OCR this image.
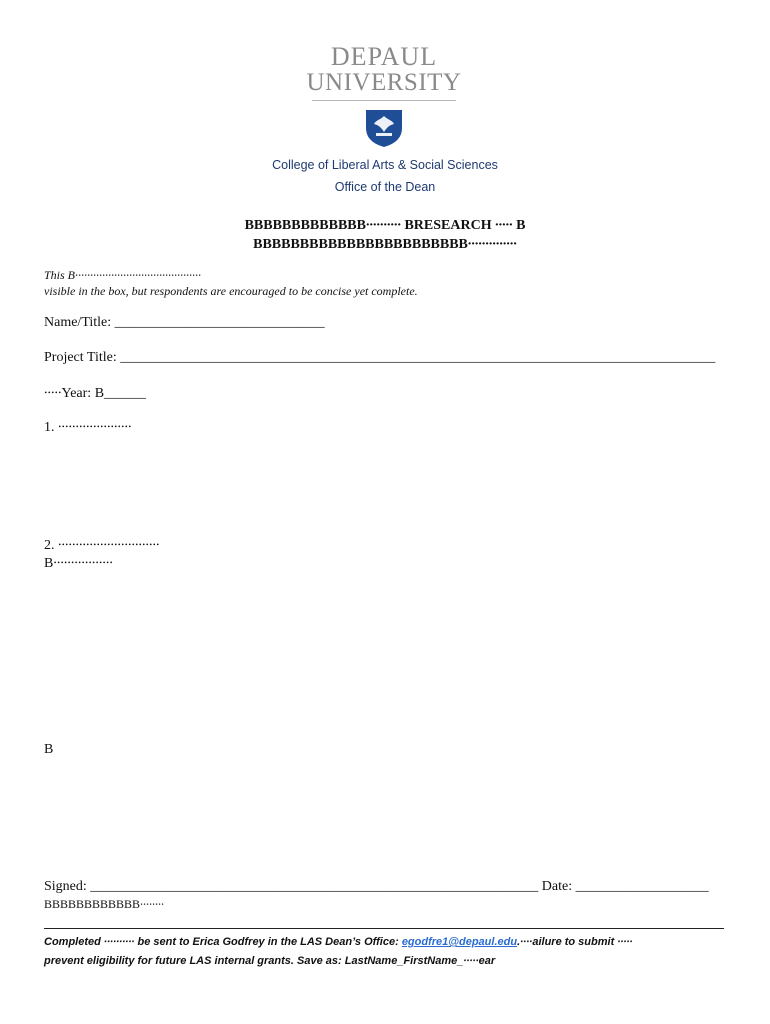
DEPAUL
UNIVERSITY
College of Liberal Arts & Social Sciences
Office of the Dean
BBBBBBBBBBBBB∙∙∙∙∙∙∙∙∙∙ BRESEARCH ∙∙∙∙∙ B
BBBBBBBBBBBBBBBBBBBBBBB∙∙∙∙∙∙∙∙∙∙∙∙∙∙
This B∙∙∙∙∙∙∙∙∙∙∙∙∙∙∙∙∙∙∙∙∙∙∙∙∙∙∙∙∙∙∙∙∙∙∙∙∙∙∙∙∙∙
visible in the box, but respondents are encouraged to be concise yet complete.
Name/Title: ______________________________
Project Title: _____________________________________________________________________________________
∙∙∙∙∙Year: B______
1. ∙∙∙∙∙∙∙∙∙∙∙∙∙∙∙∙∙∙∙∙∙
2. ∙∙∙∙∙∙∙∙∙∙∙∙∙∙∙∙∙∙∙∙∙∙∙∙∙∙∙∙∙
B∙∙∙∙∙∙∙∙∙∙∙∙∙∙∙∙∙
B
Signed: ________________________________________________________________ Date: ___________________
BBBBBBBBBBBB∙∙∙∙∙∙∙∙
Completed ∙∙∙∙∙∙∙∙∙∙ be sent to Erica Godfrey in the LAS Dean’s Office: egodfre1@depaul.edu.∙∙∙∙ailure to submit ∙∙∙∙∙
prevent eligibility for future LAS internal grants. Save as: LastName_FirstName_∙∙∙∙∙ear
